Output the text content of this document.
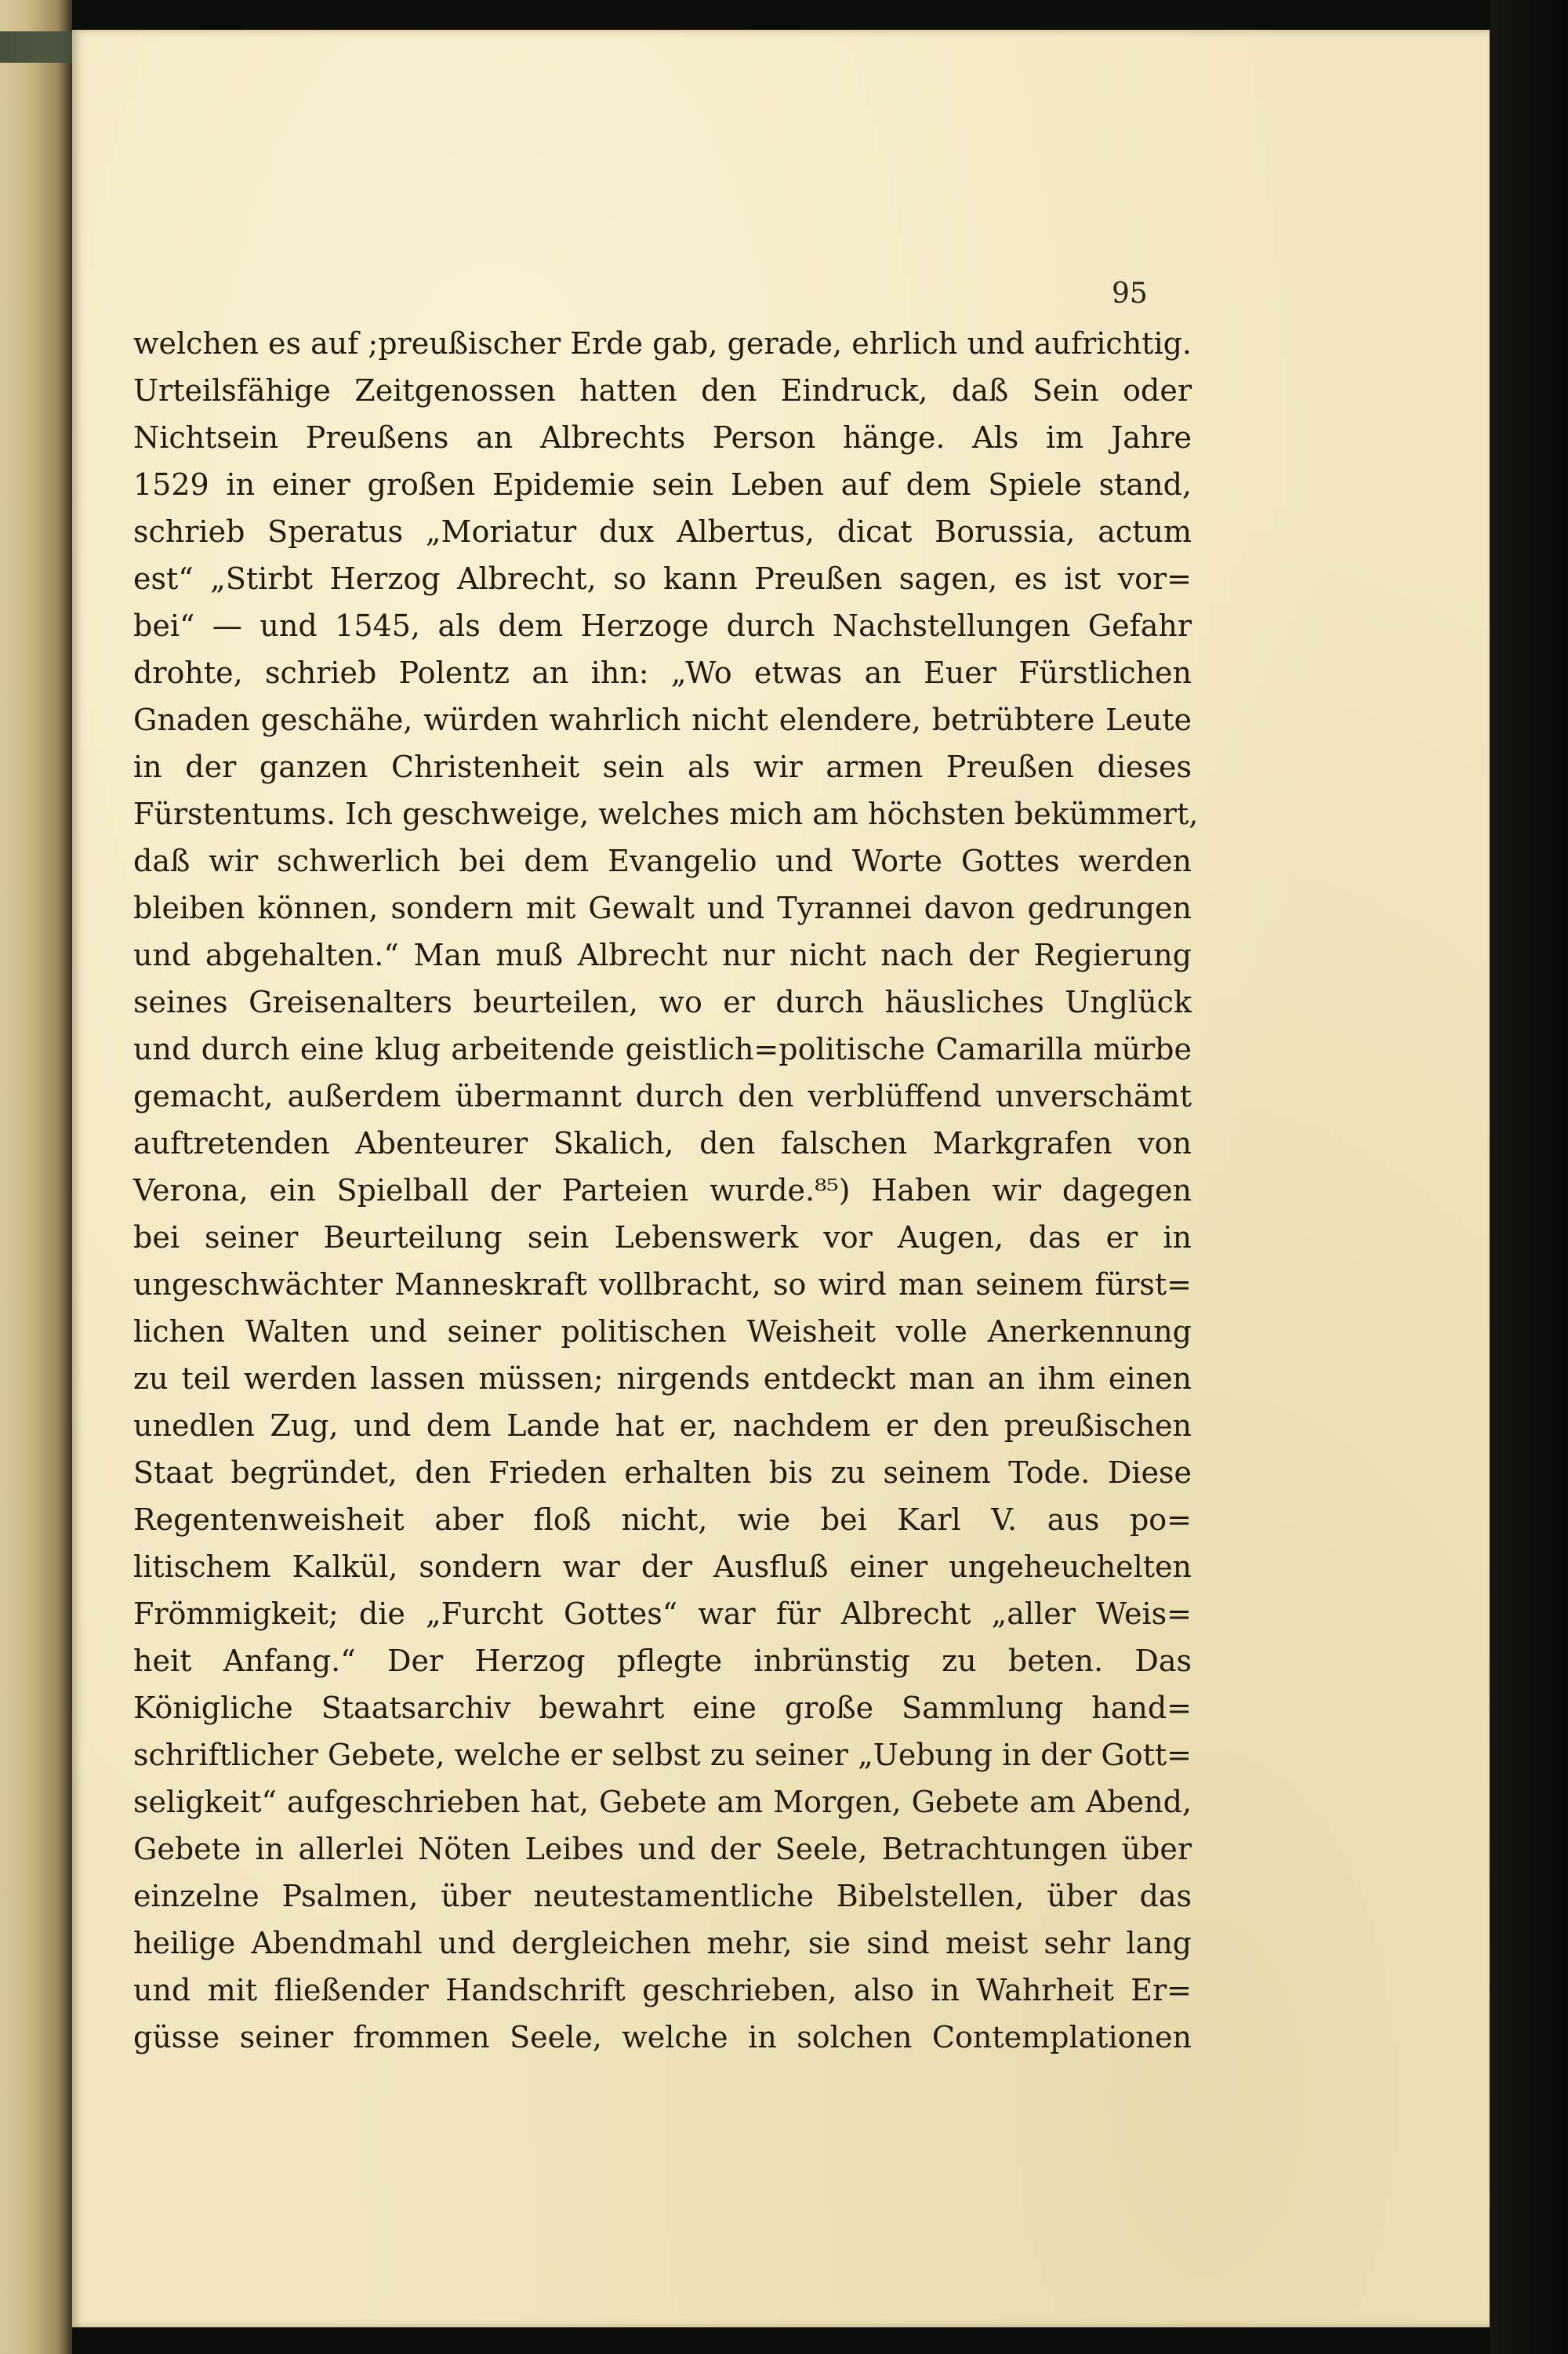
95
welchen es auf ;preußischer Erde gab, gerade, ehrlich und aufrichtig.
Urteilsfähige Zeitgenossen hatten den Eindruck, daß Sein oder
Nichtsein Preußens an Albrechts Person hänge. Als im Jahre
1529 in einer großen Epidemie sein Leben auf dem Spiele stand,
schrieb Speratus „Moriatur dux Albertus, dicat Borussia, actum
est“ „Stirbt Herzog Albrecht, so kann Preußen sagen, es ist vor=
bei“ — und 1545, als dem Herzoge durch Nachstellungen Gefahr
drohte, schrieb Polentz an ihn: „Wo etwas an Euer Fürstlichen
Gnaden geschähe, würden wahrlich nicht elendere, betrübtere Leute
in der ganzen Christenheit sein als wir armen Preußen dieses
Fürstentums. Ich geschweige, welches mich am höchsten bekümmert,
daß wir schwerlich bei dem Evangelio und Worte Gottes werden
bleiben können, sondern mit Gewalt und Tyrannei davon gedrungen
und abgehalten.“ Man muß Albrecht nur nicht nach der Regierung
seines Greisenalters beurteilen, wo er durch häusliches Unglück
und durch eine klug arbeitende geistlich=politische Camarilla mürbe
gemacht, außerdem übermannt durch den verblüffend unverschämt
auftretenden Abenteurer Skalich, den falschen Markgrafen von
Verona, ein Spielball der Parteien wurde.⁸⁵) Haben wir dagegen
bei seiner Beurteilung sein Lebenswerk vor Augen, das er in
ungeschwächter Manneskraft vollbracht, so wird man seinem fürst=
lichen Walten und seiner politischen Weisheit volle Anerkennung
zu teil werden lassen müssen; nirgends entdeckt man an ihm einen
unedlen Zug, und dem Lande hat er, nachdem er den preußischen
Staat begründet, den Frieden erhalten bis zu seinem Tode. Diese
Regentenweisheit aber floß nicht, wie bei Karl V. aus po=
litischem Kalkül, sondern war der Ausfluß einer ungeheuchelten
Frömmigkeit; die „Furcht Gottes“ war für Albrecht „aller Weis=
heit Anfang.“ Der Herzog pflegte inbrünstig zu beten. Das
Königliche Staatsarchiv bewahrt eine große Sammlung hand=
schriftlicher Gebete, welche er selbst zu seiner „Uebung in der Gott=
seligkeit“ aufgeschrieben hat, Gebete am Morgen, Gebete am Abend,
Gebete in allerlei Nöten Leibes und der Seele, Betrachtungen über
einzelne Psalmen, über neutestamentliche Bibelstellen, über das
heilige Abendmahl und dergleichen mehr, sie sind meist sehr lang
und mit fließender Handschrift geschrieben, also in Wahrheit Er=
güsse seiner frommen Seele, welche in solchen Contemplationen
